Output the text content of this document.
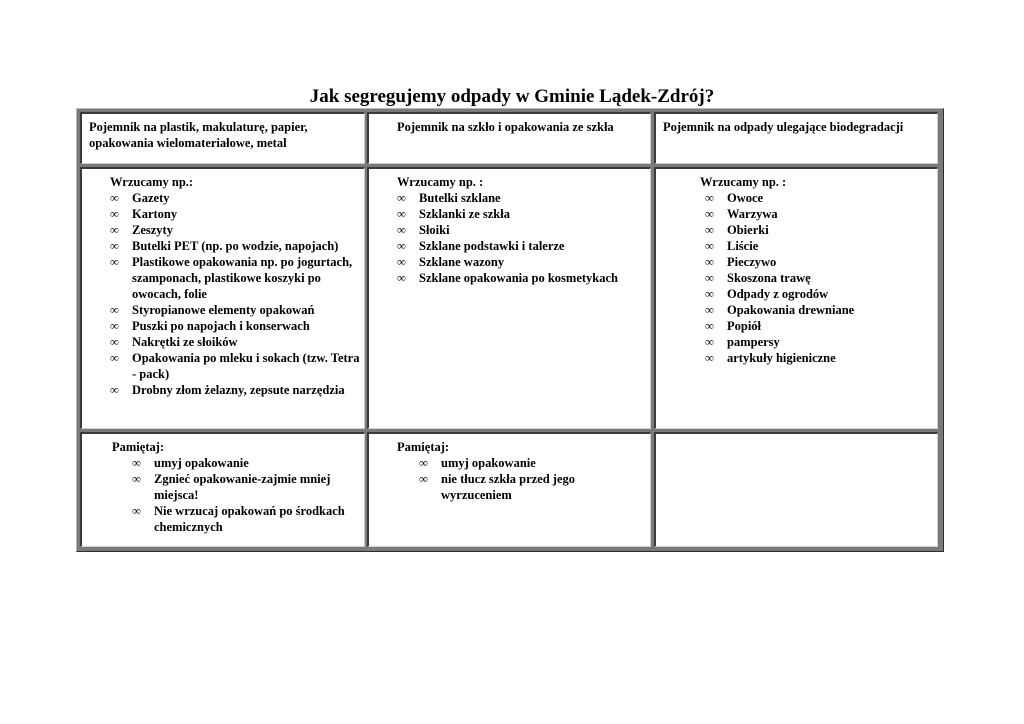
Jak segregujemy odpady w Gminie Lądek-Zdrój?
Pojemnik na plastik, makulaturę, papier, opakowania wielomateriałowe, metal
Pojemnik na szkło i opakowania ze szkła	Pojemnik na odpady ulegające biodegradacji
Wrzucamy np.:
∞ Gazety
∞ Kartony
∞ Zeszyty
∞ Butelki PET (np. po wodzie, napojach)
∞ Plastikowe opakowania np. po jogurtach, szamponach, plastikowe koszyki po owocach, folie
∞ Styropianowe elementy opakowań
∞ Puszki po napojach i konserwach
∞ Nakrętki ze słoików
∞ Opakowania po mleku i sokach (tzw. Tetra - pack)
∞ Drobny złom żelazny, zepsute narzędzia
Wrzucamy np. :
∞ Butelki szklane
∞ Szklanki ze szkła
∞ Słoiki
∞ Szklane podstawki i talerze
∞ Szklane wazony
∞ Szklane opakowania po kosmetykach
Wrzucamy np. :
∞ Owoce
∞ Warzywa
∞ Obierki
∞ Liście
∞ Pieczywo
∞ Skoszona trawę
∞ Odpady z ogrodów
∞ Opakowania drewniane
∞ Popiół
∞ pampersy
∞ artykuły higieniczne
Pamiętaj:
∞ umyj opakowanie
∞ Zgnieć opakowanie-zajmie mniej miejsca!
∞ Nie wrzucaj opakowań po środkach chemicznych
Pamiętaj:
∞ umyj opakowanie
∞ nie tłucz szkła przed jego wyrzuceniem
